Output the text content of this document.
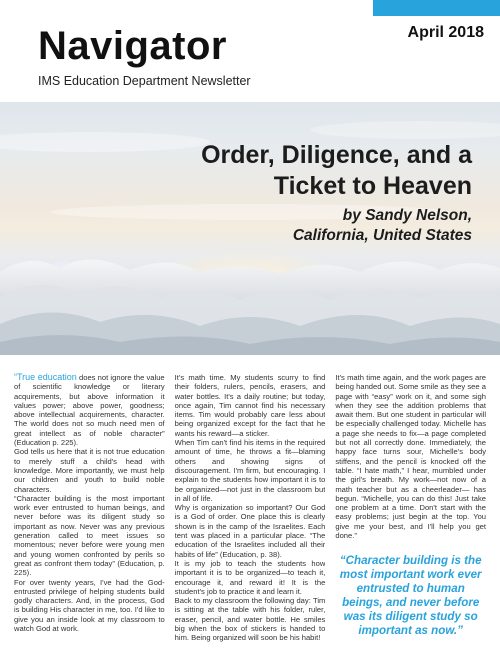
Navigator
IMS Education Department Newsletter
April 2018
Order, Diligence, and a
Ticket to Heaven
by Sandy Nelson,
California, United States

“True education does not ignore the value of scientific knowledge or literary acquirements, but above information it values power; above power, goodness; above intellectual acquirements, character. The world does not so much need men of great intellect as of noble character” (Education p. 225).

God tells us here that it is not true education to merely stuff a child's head with knowledge. More importantly, we must help our children and youth to build noble characters.

“Character building is the most important work ever entrusted to human beings, and never before was its diligent study so important as now. Never was any previous generation called to meet issues so momentous; never before were young men and young women confronted by perils so great as confront them today” (Education, p. 225).

For over twenty years, I've had the God-entrusted privilege of helping students build godly characters. And, in the process, God is building His character in me, too. I'd like to give you an inside look at my classroom to watch God at work.

It's math time. My students scurry to find their folders, rulers, pencils, erasers, and water bottles. It's a daily routine; but today, once again, Tim cannot find his necessary items. Tim would probably care less about being organized except for the fact that he wants his reward—a sticker.

When Tim can't find his items in the required amount of time, he throws a fit—blaming others and showing signs of discouragement. I'm firm, but encouraging. I explain to the students how important it is to be organized—not just in the classroom but in all of life.

Why is organization so important? Our God is a God of order. One place this is clearly shown is in the camp of the Israelites. Each tent was placed in a particular place. “The education of the Israelites included all their habits of life” (Education, p. 38).

It is my job to teach the students how important it is to be organized—to teach it, encourage it, and reward it! It is the student's job to practice it and learn it.

Back to my classroom the following day: Tim is sitting at the table with his folder, ruler, eraser, pencil, and water bottle. He smiles big when the box of stickers is handed to him. Being organized will soon be his habit!

It's math time again, and the work pages are being handed out. Some smile as they see a page with “easy” work on it, and some sigh when they see the addition problems that await them. But one student in particular will be especially challenged today. Michelle has a page she needs to fix—a page completed but not all correctly done. Immediately, the happy face turns sour, Michelle's body stiffens, and the pencil is knocked off the table. “I hate math,” I hear, mumbled under the girl's breath. My work—not now of a math teacher but as a cheerleader— has begun. “Michelle, you can do this! Just take one problem at a time. Don't start with the easy problems; just begin at the top. You give me your best, and I'll help you get done.”

“Character building is the most important work ever entrusted to human beings, and never before was its diligent study so important as now.”
